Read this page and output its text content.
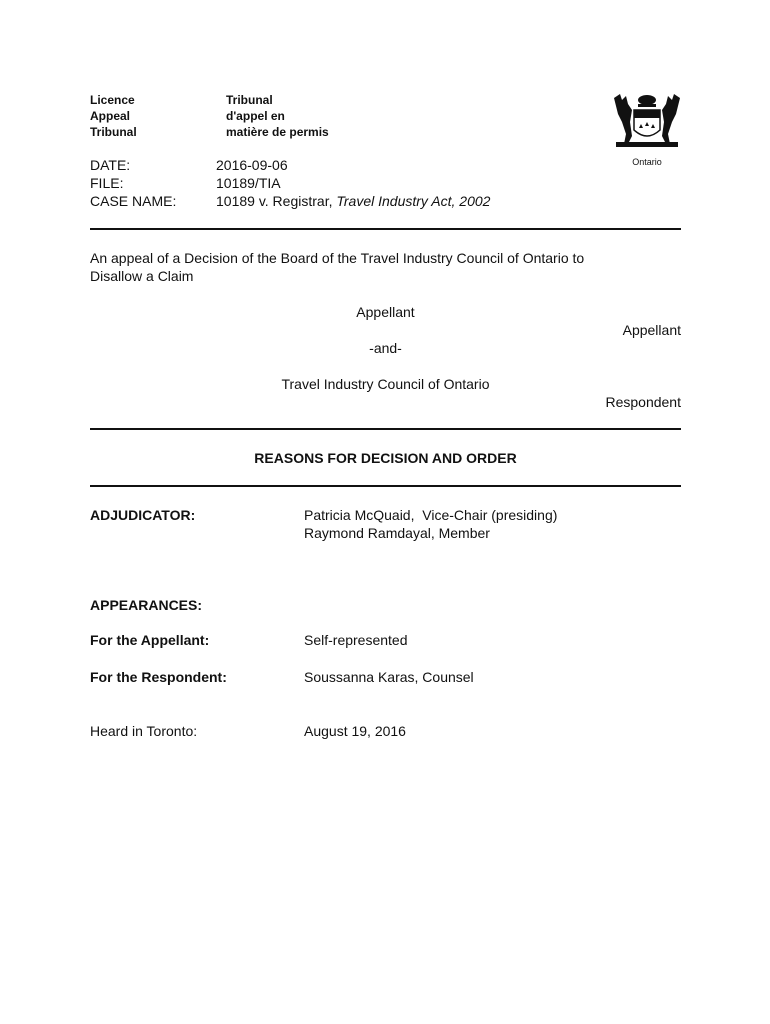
Licence
Appeal
Tribunal
Tribunal
d'appel en
matière de permis
Ontario
DATE:	2016-09-06
FILE:	10189/TIA
CASE NAME:	10189 v. Registrar, Travel Industry Act, 2002
An appeal of a Decision of the Board of the Travel Industry Council of Ontario to
Disallow a Claim
Appellant
Appellant
-and-
Travel Industry Council of Ontario
Respondent
REASONS FOR DECISION AND ORDER
ADJUDICATOR:	Patricia McQuaid,  Vice-Chair (presiding)
Raymond Ramdayal, Member
APPEARANCES:
For the Appellant:	Self-represented
For the Respondent:	Soussanna Karas, Counsel
Heard in Toronto:	August 19, 2016
